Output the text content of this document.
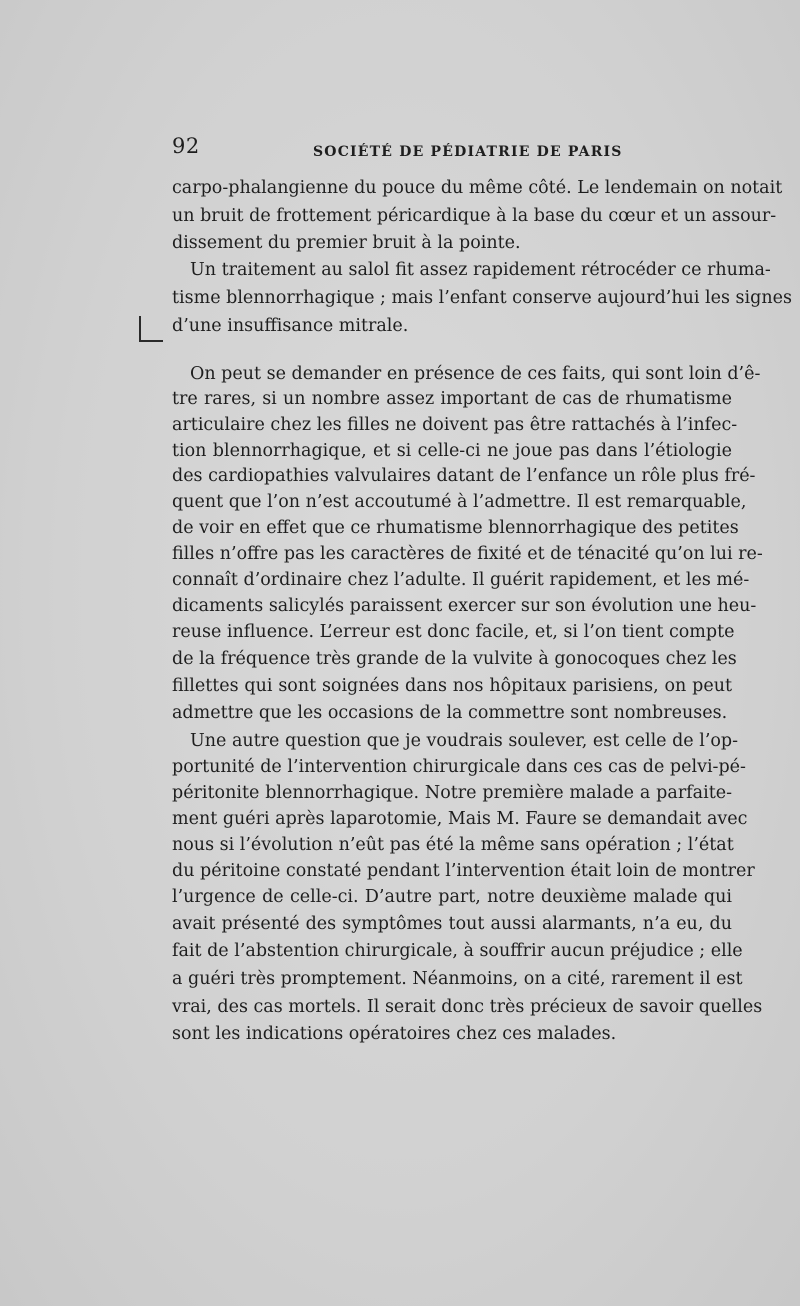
92	SOCIÉTÉ DE PÉDIATRIE DE PARIS
carpo-phalangienne du pouce du même côté. Le lendemain on notait
un bruit de frottement péricardique à la base du cœur et un assour-
dissement du premier bruit à la pointe.
Un traitement au salol fit assez rapidement rétrocéder ce rhuma-
tisme blennorrhagique ; mais l’enfant conserve aujourd’hui les signes
d’une insuffisance mitrale.
On peut se demander en présence de ces faits, qui sont loin d’ê-
tre rares, si un nombre assez important de cas de rhumatisme
articulaire chez les filles ne doivent pas être rattachés à l’infec-
tion blennorrhagique, et si celle-ci ne joue pas dans l’étiologie
des cardiopathies valvulaires datant de l’enfance un rôle plus fré-
quent que l’on n’est accoutumé à l’admettre. Il est remarquable,
de voir en effet que ce rhumatisme blennorrhagique des petites
filles n’offre pas les caractères de fixité et de ténacité qu’on lui re-
connaît d’ordinaire chez l’adulte. Il guérit rapidement, et les mé-
dicaments salicylés paraissent exercer sur son évolution une heu-
reuse influence. L’erreur est donc facile, et, si l’on tient compte
de la fréquence très grande de la vulvite à gonocoques chez les
fillettes qui sont soignées dans nos hôpitaux parisiens, on peut
admettre que les occasions de la commettre sont nombreuses.
Une autre question que je voudrais soulever, est celle de l’op-
portunité de l’intervention chirurgicale dans ces cas de pelvi-pé-
péritonite blennorrhagique. Notre première malade a parfaite-
ment guéri après laparotomie, Mais M. Faure se demandait avec
nous si l’évolution n’eût pas été la même sans opération ; l’état
du péritoine constaté pendant l’intervention était loin de montrer
l’urgence de celle-ci. D’autre part, notre deuxième malade qui
avait présenté des symptômes tout aussi alarmants, n’a eu, du
fait de l’abstention chirurgicale, à souffrir aucun préjudice ; elle
a guéri très promptement. Néanmoins, on a cité, rarement il est
vrai, des cas mortels. Il serait donc très précieux de savoir quelles
sont les indications opératoires chez ces malades.
